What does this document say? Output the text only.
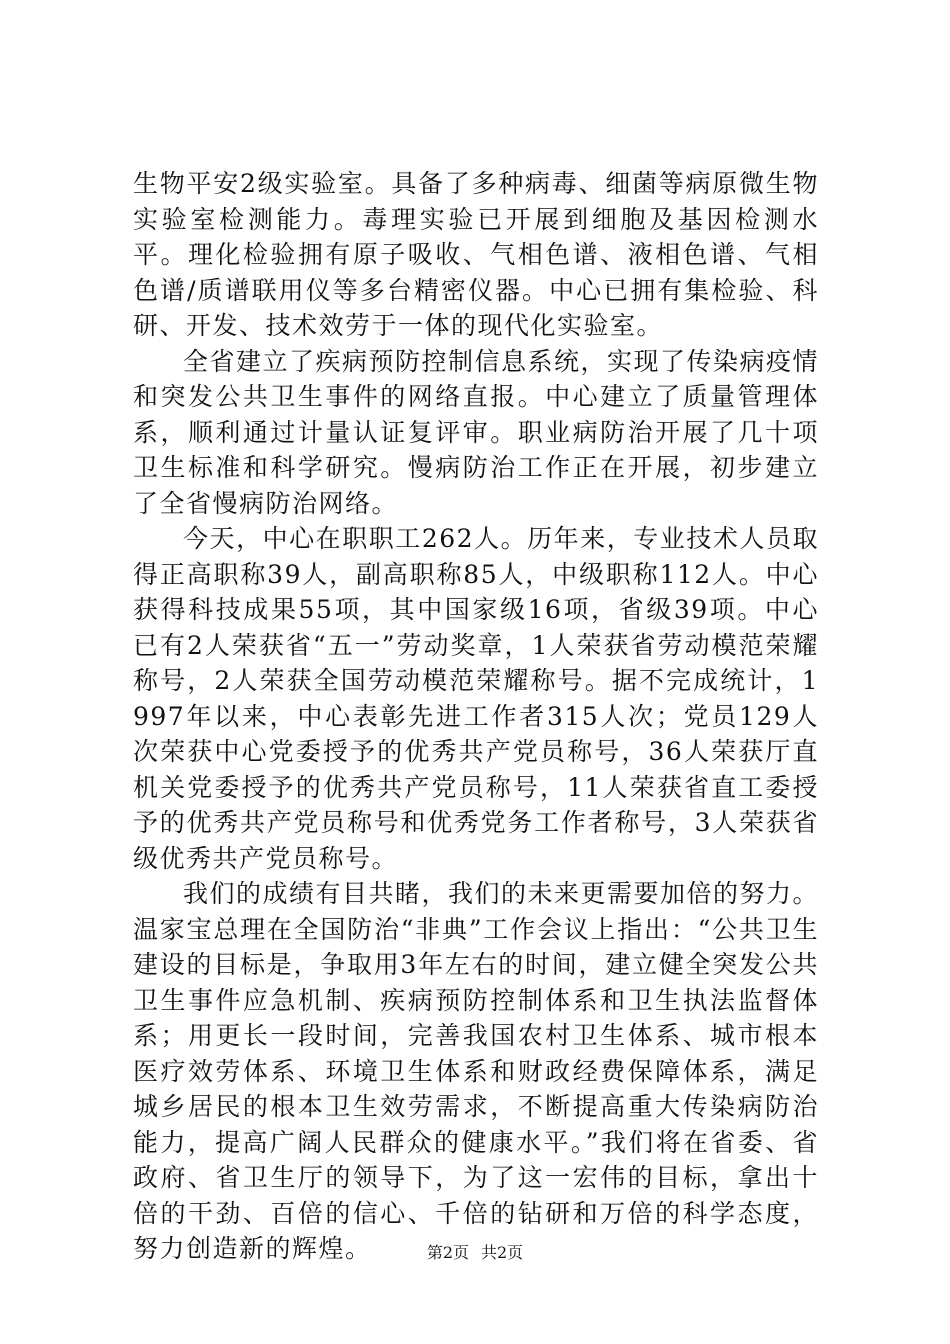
生物平安2级实验室。具备了多种病毒、细菌等病原微生物实验室检测能力。毒理实验已开展到细胞及基因检测水平。理化检验拥有原子吸收、气相色谱、液相色谱、气相色谱/质谱联用仪等多台精密仪器。中心已拥有集检验、科研、开发、技术效劳于一体的现代化实验室。

全省建立了疾病预防控制信息系统，实现了传染病疫情和突发公共卫生事件的网络直报。中心建立了质量管理体系，顺利通过计量认证复评审。职业病防治开展了几十项卫生标准和科学研究。慢病防治工作正在开展，初步建立了全省慢病防治网络。

今天，中心在职职工262人。历年来，专业技术人员取得正高职称39人，副高职称85人，中级职称112人。中心获得科技成果55项，其中国家级16项，省级39项。中心已有2人荣获省“五一”劳动奖章，1人荣获省劳动模范荣耀称号，2人荣获全国劳动模范荣耀称号。据不完成统计，1997年以来，中心表彰先进工作者315人次；党员129人次荣获中心党委授予的优秀共产党员称号，36人荣获厅直机关党委授予的优秀共产党员称号，11人荣获省直工委授予的优秀共产党员称号和优秀党务工作者称号，3人荣获省级优秀共产党员称号。

我们的成绩有目共睹，我们的未来更需要加倍的努力。温家宝总理在全国防治“非典”工作会议上指出：“公共卫生建设的目标是，争取用3年左右的时间，建立健全突发公共卫生事件应急机制、疾病预防控制体系和卫生执法监督体系；用更长一段时间，完善我国农村卫生体系、城市根本医疗效劳体系、环境卫生体系和财政经费保障体系，满足城乡居民的根本卫生效劳需求，不断提高重大传染病防治能力，提高广阔人民群众的健康水平。”我们将在省委、省政府、省卫生厅的领导下，为了这一宏伟的目标，拿出十倍的干劲、百倍的信心、千倍的钻研和万倍的科学态度，努力创造新的辉煌。	第2页 共2页
